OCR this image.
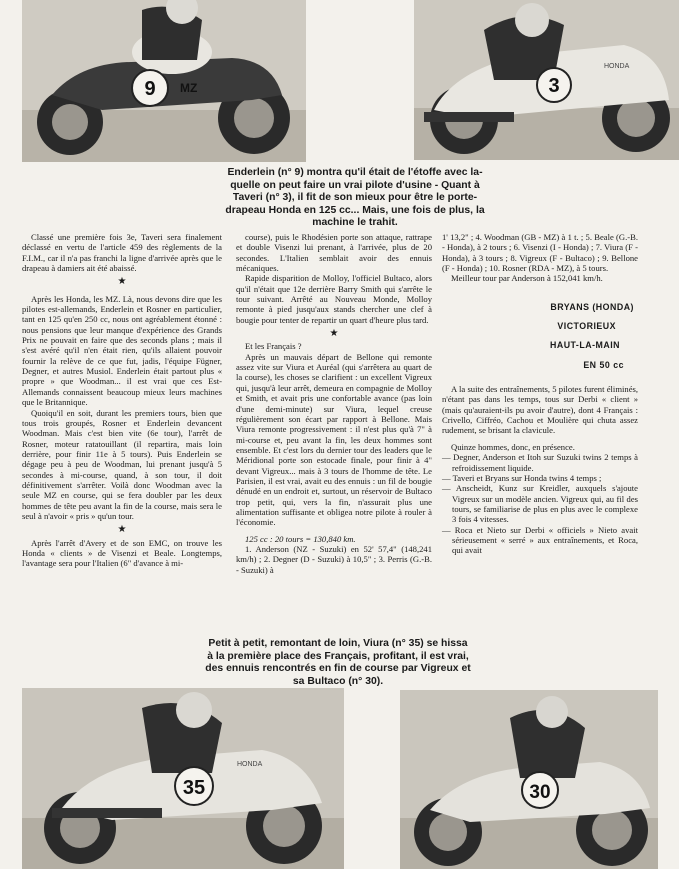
9 MZ	3
HONDA
Enderlein (n° 9) montra qu'il était de l'étoffe avec la-
quelle on peut faire un vrai pilote d'usine - Quant à
Taveri (n° 3), il fit de son mieux pour être le porte-
drapeau Honda en 125 cc... Mais, une fois de plus, la
machine le trahit.

Classé une première fois 3e, Taveri sera finalement déclassé en vertu de l'article 459 des règlements de la F.I.M., car il n'a pas franchi la ligne d'arrivée après que le drapeau à damiers ait été abaissé.

★

Après les Honda, les MZ. Là, nous devons dire que les pilotes est-allemands, Enderlein et Rosner en particulier, tant en 125 qu'en 250 cc, nous ont agréablement étonné : nous pensions que leur manque d'expérience des Grands Prix ne pouvait en faire que des seconds plans ; mais il s'est avéré qu'il n'en était rien, qu'ils allaient pouvoir fournir la relève de ce que fut, jadis, l'équipe Fügner, Degner, et autres Musiol. Enderlein était partout plus « propre » que Woodman... il est vrai que ces Est-Allemands connaissent beaucoup mieux leurs machines que le Britannique.

Quoiqu'il en soit, durant les premiers tours, bien que tous trois groupés, Rosner et Enderlein devancent Woodman. Mais c'est bien vite (6e tour), l'arrêt de Rosner, moteur ratatouillant (il repartira, mais loin derrière, pour finir 11e à 5 tours). Puis Enderlein se dégage peu à peu de Woodman, lui prenant jusqu'à 5 secondes à mi-course, quand, à son tour, il doit définitivement s'arrêter. Voilà donc Woodman avec la seule MZ en course, qui se fera doubler par les deux hommes de tête peu avant la fin de la course, mais sera le seul à n'avoir « pris » qu'un tour.

★

Après l'arrêt d'Avery et de son EMC, on trouve les Honda « clients » de Visenzi et Beale. Longtemps, l'avantage sera pour l'Italien (6" d'avance à mi-

course), puis le Rhodésien porte son attaque, rattrape et double Visenzi lui prenant, à l'arrivée, plus de 20 secondes. L'Italien semblait avoir des ennuis mécaniques.

Rapide disparition de Molloy, l'officiel Bultaco, alors qu'il n'était que 12e derrière Barry Smith qui s'arrête le tour suivant. Arrêté au Nouveau Monde, Molloy remonte à pied jusqu'aux stands chercher une clef à bougie pour tenter de repartir un quart d'heure plus tard.

★

Et les Français ?

Après un mauvais départ de Bellone qui remonte assez vite sur Viura et Auréal (qui s'arrêtera au quart de la course), les choses se clarifient : un excellent Vigreux qui, jusqu'à leur arrêt, demeura en compagnie de Molloy et Smith, et avait pris une confortable avance (pas loin d'une demi-minute) sur Viura, lequel creuse régulièrement son écart par rapport à Bellone. Mais Viura remonte progressivement : il n'est plus qu'à 7" à mi-course et, peu avant la fin, les deux hommes sont ensemble. Et c'est lors du dernier tour des leaders que le Méridional porte son estocade finale, pour finir à 4" devant Vigreux... mais à 3 tours de l'homme de tête. Le Parisien, il est vrai, avait eu des ennuis : un fil de bougie dénudé en un endroit et, surtout, un réservoir de Bultaco trop petit, qui, vers la fin, n'assurait plus une alimentation suffisante et obligea notre pilote à rouler à l'économie.

125 cc : 20 tours = 130,840 km.

1. Anderson (NZ - Suzuki) en 52' 57,4" (148,241 km/h) ; 2. Degner (D - Suzuki) à 10,5" ; 3. Perris (G.-B. - Suzuki) à

1' 13,2" ; 4. Woodman (GB - MZ) à 1 t. ; 5. Beale (G.-B. - Honda), à 2 tours ; 6. Visenzi (I - Honda) ; 7. Viura (F - Honda), à 3 tours ; 8. Vigreux (F - Bultaco) ; 9. Bellone (F - Honda) ; 10. Rosner (RDA - MZ), à 5 tours.

Meilleur tour par Anderson à 152,041 km/h.

BRYANS (HONDA)
VICTORIEUX
HAUT-LA-MAIN
EN 50 cc

A la suite des entraînements, 5 pilotes furent éliminés, n'étant pas dans les temps, tous sur Derbi « client » (mais qu'auraient-ils pu avoir d'autre), dont 4 Français : Crivello, Ciffréo, Cachou et Moulière qui chuta assez rudement, se brisant la clavicule.

Quinze hommes, donc, en présence.

— Degner, Anderson et Itoh sur Suzuki twins 2 temps à refroidissement liquide.
— Taveri et Bryans sur Honda twins 4 temps ;
— Anscheidt, Kunz sur Kreidler, auxquels s'ajoute Vigreux sur un modèle ancien. Vigreux qui, au fil des tours, se familiarise de plus en plus avec le complexe 3 fois 4 vitesses.
— Roca et Nieto sur Derbi « officiels » Nieto avait sérieusement « serré » aux entraînements, et Roca, qui avait
Petit à petit, remontant de loin, Viura (n° 35) se hissa
à la première place des Français, profitant, il est vrai,
des ennuis rencontrés en fin de course par Vigreux et
sa Bultaco (n° 30).
35
HONDA
30
